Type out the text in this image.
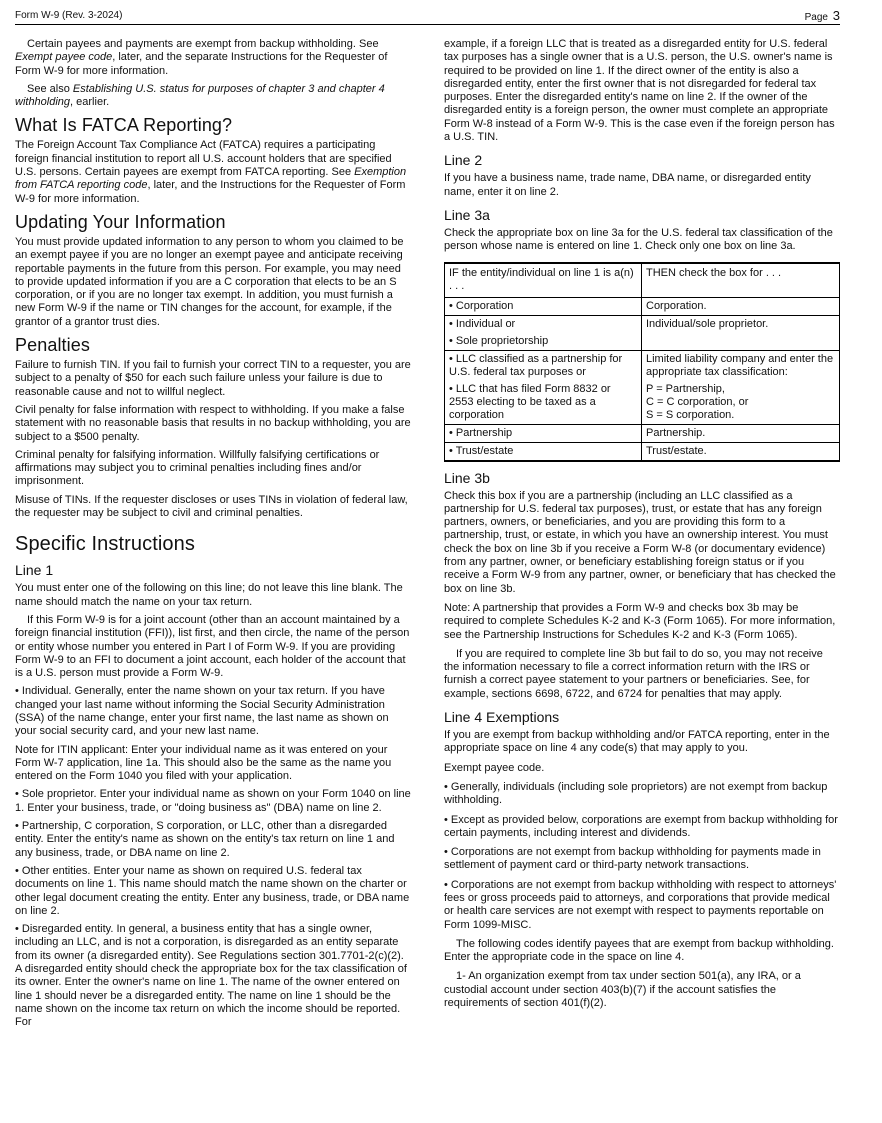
Form W-9 (Rev. 3-2024)	Page 3

Certain payees and payments are exempt from backup withholding. See Exempt payee code, later, and the separate Instructions for the Requester of Form W-9 for more information.

See also Establishing U.S. status for purposes of chapter 3 and chapter 4 withholding, earlier.

What Is FATCA Reporting?

The Foreign Account Tax Compliance Act (FATCA) requires a participating foreign financial institution to report all U.S. account holders that are specified U.S. persons. Certain payees are exempt from FATCA reporting. See Exemption from FATCA reporting code, later, and the Instructions for the Requester of Form W-9 for more information.

Updating Your Information

You must provide updated information to any person to whom you claimed to be an exempt payee if you are no longer an exempt payee and anticipate receiving reportable payments in the future from this person. For example, you may need to provide updated information if you are a C corporation that elects to be an S corporation, or if you are no longer tax exempt. In addition, you must furnish a new Form W-9 if the name or TIN changes for the account, for example, if the grantor of a grantor trust dies.

Penalties

Failure to furnish TIN. If you fail to furnish your correct TIN to a requester, you are subject to a penalty of $50 for each such failure unless your failure is due to reasonable cause and not to willful neglect.

Civil penalty for false information with respect to withholding. If you make a false statement with no reasonable basis that results in no backup withholding, you are subject to a $500 penalty.

Criminal penalty for falsifying information. Willfully falsifying certifications or affirmations may subject you to criminal penalties including fines and/or imprisonment.

Misuse of TINs. If the requester discloses or uses TINs in violation of federal law, the requester may be subject to civil and criminal penalties.

Specific Instructions
Line 1

You must enter one of the following on this line; do not leave this line blank. The name should match the name on your tax return.

If this Form W-9 is for a joint account (other than an account maintained by a foreign financial institution (FFI)), list first, and then circle, the name of the person or entity whose number you entered in Part I of Form W-9. If you are providing Form W-9 to an FFI to document a joint account, each holder of the account that is a U.S. person must provide a Form W-9.

• Individual. Generally, enter the name shown on your tax return. If you have changed your last name without informing the Social Security Administration (SSA) of the name change, enter your first name, the last name as shown on your social security card, and your new last name.

Note for ITIN applicant: Enter your individual name as it was entered on your Form W-7 application, line 1a. This should also be the same as the name you entered on the Form 1040 you filed with your application.

• Sole proprietor. Enter your individual name as shown on your Form 1040 on line 1. Enter your business, trade, or "doing business as" (DBA) name on line 2.

• Partnership, C corporation, S corporation, or LLC, other than a disregarded entity. Enter the entity's name as shown on the entity's tax return on line 1 and any business, trade, or DBA name on line 2.

• Other entities. Enter your name as shown on required U.S. federal tax documents on line 1. This name should match the name shown on the charter or other legal document creating the entity. Enter any business, trade, or DBA name on line 2.

• Disregarded entity. In general, a business entity that has a single owner, including an LLC, and is not a corporation, is disregarded as an entity separate from its owner (a disregarded entity). See Regulations section 301.7701-2(c)(2). A disregarded entity should check the appropriate box for the tax classification of its owner. Enter the owner's name on line 1. The name of the owner entered on line 1 should never be a disregarded entity. The name on line 1 should be the name shown on the income tax return on which the income should be reported. For

example, if a foreign LLC that is treated as a disregarded entity for U.S. federal tax purposes has a single owner that is a U.S. person, the U.S. owner's name is required to be provided on line 1. If the direct owner of the entity is also a disregarded entity, enter the first owner that is not disregarded for federal tax purposes. Enter the disregarded entity's name on line 2. If the owner of the disregarded entity is a foreign person, the owner must complete an appropriate Form W-8 instead of a Form W-9. This is the case even if the foreign person has a U.S. TIN.

Line 2

If you have a business name, trade name, DBA name, or disregarded entity name, enter it on line 2.

Line 3a

Check the appropriate box on line 3a for the U.S. federal tax classification of the person whose name is entered on line 1. Check only one box on line 3a.

IF the entity/individual on line 1 is a(n) . . .	THEN check the box for . . .
• Corporation	Corporation.

• Individual or
• Sole proprietorship	Individual/sole proprietor.

• LLC classified as a partnership for U.S. federal tax purposes or
• LLC that has filed Form 8832 or 2553 electing to be taxed as a corporation	Limited liability company and enter the appropriate tax classification:
P = Partnership,
C = C corporation, or
S = S corporation.

• Partnership	Partnership.
• Trust/estate	Trust/estate.
Line 3b

Check this box if you are a partnership (including an LLC classified as a partnership for U.S. federal tax purposes), trust, or estate that has any foreign partners, owners, or beneficiaries, and you are providing this form to a partnership, trust, or estate, in which you have an ownership interest. You must check the box on line 3b if you receive a Form W-8 (or documentary evidence) from any partner, owner, or beneficiary establishing foreign status or if you receive a Form W-9 from any partner, owner, or beneficiary that has checked the box on line 3b.

Note: A partnership that provides a Form W-9 and checks box 3b may be required to complete Schedules K-2 and K-3 (Form 1065). For more information, see the Partnership Instructions for Schedules K-2 and K-3 (Form 1065).

If you are required to complete line 3b but fail to do so, you may not receive the information necessary to file a correct information return with the IRS or furnish a correct payee statement to your partners or beneficiaries. See, for example, sections 6698, 6722, and 6724 for penalties that may apply.

Line 4 Exemptions

If you are exempt from backup withholding and/or FATCA reporting, enter in the appropriate space on line 4 any code(s) that may apply to you.

Exempt payee code.

• Generally, individuals (including sole proprietors) are not exempt from backup withholding.

• Except as provided below, corporations are exempt from backup withholding for certain payments, including interest and dividends.

• Corporations are not exempt from backup withholding for payments made in settlement of payment card or third-party network transactions.

• Corporations are not exempt from backup withholding with respect to attorneys' fees or gross proceeds paid to attorneys, and corporations that provide medical or health care services are not exempt with respect to payments reportable on Form 1099-MISC.

The following codes identify payees that are exempt from backup withholding. Enter the appropriate code in the space on line 4.

1- An organization exempt from tax under section 501(a), any IRA, or a custodial account under section 403(b)(7) if the account satisfies the requirements of section 401(f)(2).
